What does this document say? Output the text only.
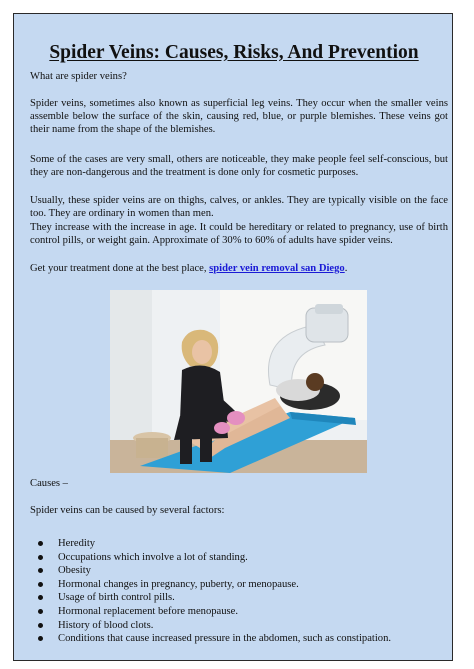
Spider Veins: Causes, Risks, And Prevention

What are spider veins?

Spider veins, sometimes also known as superficial leg veins. They occur when the smaller veins assemble below the surface of the skin, causing red, blue, or purple blemishes. These veins got their name from the shape of the blemishes.

Some of the cases are very small, others are noticeable, they make people feel self-conscious, but they are non-dangerous and the treatment is done only for cosmetic purposes.

Usually, these spider veins are on thighs, calves, or ankles. They are typically visible on the face too. They are ordinary in women than men.

They increase with the increase in age. It could be hereditary or related to pregnancy, use of birth control pills, or weight gain. Approximate of 30% to 60% of adults have spider veins.

Get your treatment done at the best place, spider vein removal san Diego.

Causes –

Spider veins can be caused by several factors:

Heredity
Occupations which involve a lot of standing.
Obesity
Hormonal changes in pregnancy, puberty, or menopause.
Usage of birth control pills.
Hormonal replacement before menopause.
History of blood clots.
Conditions that cause increased pressure in the abdomen, such as constipation.
